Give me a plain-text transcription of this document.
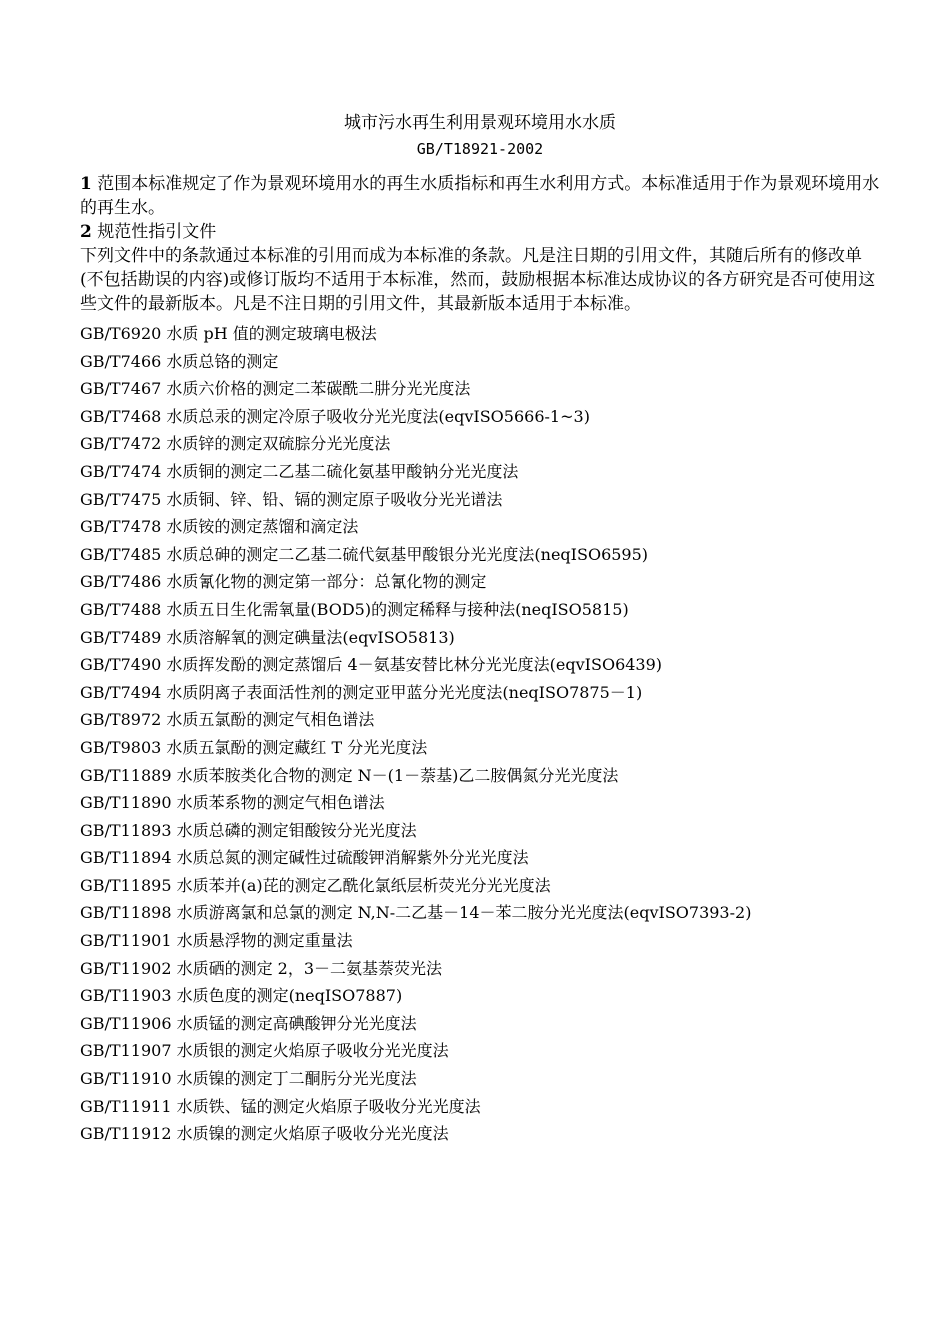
城市污水再生利用景观环境用水水质
GB/T18921-2002

1 范围本标准规定了作为景观环境用水的再生水质指标和再生水利用方式。本标准适用于作为景观环境用水的再生水。

2 规范性指引文件

下列文件中的条款通过本标准的引用而成为本标准的条款。凡是注日期的引用文件，其随后所有的修改单(不包括勘误的内容)或修订版均不适用于本标准，然而，鼓励根据本标准达成协议的各方研究是否可使用这些文件的最新版本。凡是不注日期的引用文件，其最新版本适用于本标准。

GB/T6920 水质 pH 值的测定玻璃电极法
GB/T7466 水质总铬的测定
GB/T7467 水质六价格的测定二苯碳酰二肼分光光度法
GB/T7468 水质总汞的测定冷原子吸收分光光度法(eqvISO5666-1~3)
GB/T7472 水质锌的测定双硫腙分光光度法
GB/T7474 水质铜的测定二乙基二硫化氨基甲酸钠分光光度法
GB/T7475 水质铜、锌、铅、镉的测定原子吸收分光光谱法
GB/T7478 水质铵的测定蒸馏和滴定法
GB/T7485 水质总砷的测定二乙基二硫代氨基甲酸银分光光度法(neqISO6595)
GB/T7486 水质氰化物的测定第一部分：总氰化物的测定
GB/T7488 水质五日生化需氧量(BOD5)的测定稀释与接种法(neqISO5815)
GB/T7489 水质溶解氧的测定碘量法(eqvISO5813)
GB/T7490 水质挥发酚的测定蒸馏后 4－氨基安替比林分光光度法(eqvISO6439)
GB/T7494 水质阴离子表面活性剂的测定亚甲蓝分光光度法(neqISO7875－1)
GB/T8972 水质五氯酚的测定气相色谱法
GB/T9803 水质五氯酚的测定藏红 T 分光光度法
GB/T11889 水质苯胺类化合物的测定 N－(1－萘基)乙二胺偶氮分光光度法
GB/T11890 水质苯系物的测定气相色谱法
GB/T11893 水质总磷的测定钼酸铵分光光度法
GB/T11894 水质总氮的测定碱性过硫酸钾消解紫外分光光度法
GB/T11895 水质苯并(a)芘的测定乙酰化氯纸层析荧光分光光度法
GB/T11898 水质游离氯和总氯的测定 N,N-二乙基－14－苯二胺分光光度法(eqvISO7393-2)
GB/T11901 水质悬浮物的测定重量法
GB/T11902 水质硒的测定 2，3－二氨基萘荧光法
GB/T11903 水质色度的测定(neqISO7887)
GB/T11906 水质锰的测定高碘酸钾分光光度法
GB/T11907 水质银的测定火焰原子吸收分光光度法
GB/T11910 水质镍的测定丁二酮肟分光光度法
GB/T11911 水质铁、锰的测定火焰原子吸收分光光度法
GB/T11912 水质镍的测定火焰原子吸收分光光度法
